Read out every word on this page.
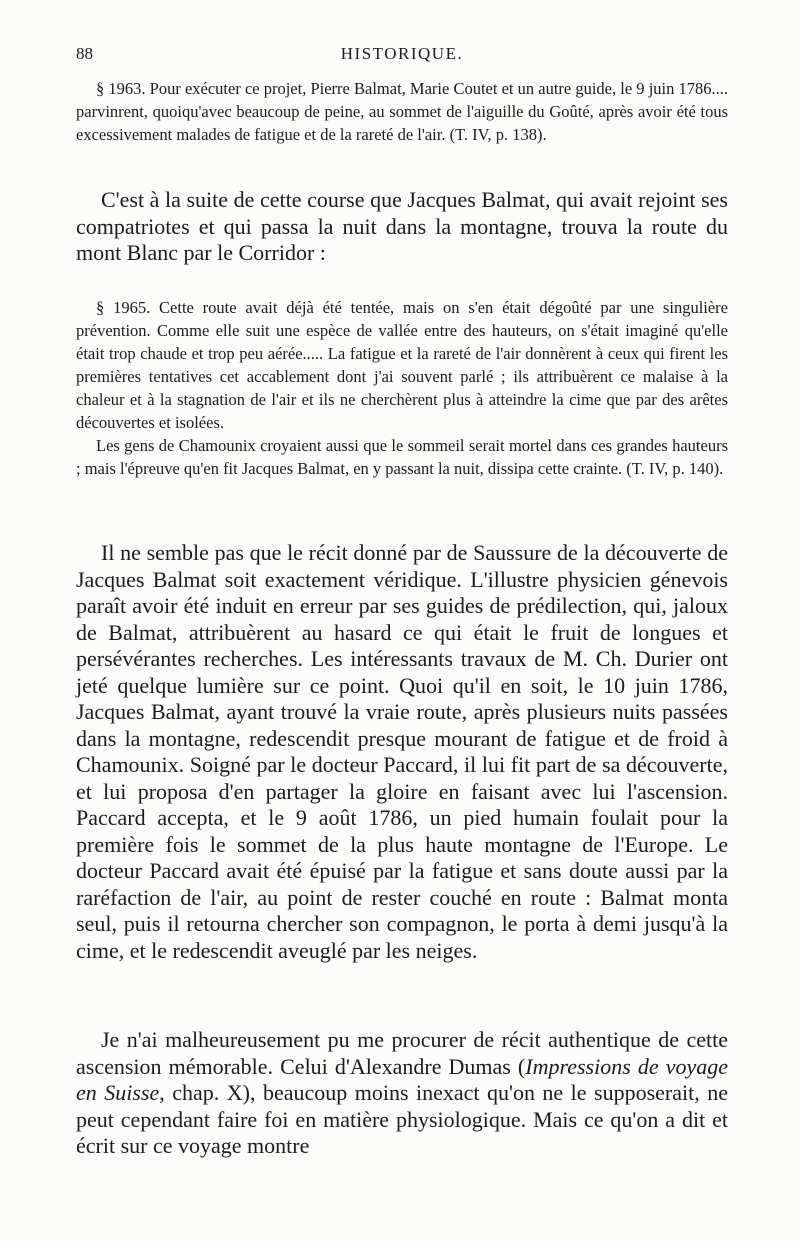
88	HISTORIQUE.

§ 1963. Pour exécuter ce projet, Pierre Balmat, Marie Coutet et un autre guide, le 9 juin 1786.... parvinrent, quoiqu'avec beaucoup de peine, au sommet de l'aiguille du Goûté, après avoir été tous excessivement malades de fatigue et de la rareté de l'air. (T. IV, p. 138).

C'est à la suite de cette course que Jacques Balmat, qui avait rejoint ses compatriotes et qui passa la nuit dans la montagne, trouva la route du mont Blanc par le Corridor :

§ 1965. Cette route avait déjà été tentée, mais on s'en était dégoûté par une singulière prévention. Comme elle suit une espèce de vallée entre des hauteurs, on s'était imaginé qu'elle était trop chaude et trop peu aérée..... La fatigue et la rareté de l'air donnèrent à ceux qui firent les premières tentatives cet accablement dont j'ai souvent parlé ; ils attribuèrent ce malaise à la chaleur et à la stagnation de l'air et ils ne cherchèrent plus à atteindre la cime que par des arêtes découvertes et isolées.

Les gens de Chamounix croyaient aussi que le sommeil serait mortel dans ces grandes hauteurs ; mais l'épreuve qu'en fit Jacques Balmat, en y passant la nuit, dissipa cette crainte. (T. IV, p. 140).

Il ne semble pas que le récit donné par de Saussure de la découverte de Jacques Balmat soit exactement véridique. L'illustre physicien génevois paraît avoir été induit en erreur par ses guides de prédilection, qui, jaloux de Balmat, attribuèrent au hasard ce qui était le fruit de longues et persévérantes recherches. Les intéressants travaux de M. Ch. Durier ont jeté quelque lumière sur ce point. Quoi qu'il en soit, le 10 juin 1786, Jacques Balmat, ayant trouvé la vraie route, après plusieurs nuits passées dans la montagne, redescendit presque mourant de fatigue et de froid à Chamounix. Soigné par le docteur Paccard, il lui fit part de sa découverte, et lui proposa d'en partager la gloire en faisant avec lui l'ascension. Paccard accepta, et le 9 août 1786, un pied humain foulait pour la première fois le sommet de la plus haute montagne de l'Europe. Le docteur Paccard avait été épuisé par la fatigue et sans doute aussi par la raréfaction de l'air, au point de rester couché en route : Balmat monta seul, puis il retourna chercher son compagnon, le porta à demi jusqu'à la cime, et le redescendit aveuglé par les neiges.

Je n'ai malheureusement pu me procurer de récit authentique de cette ascension mémorable. Celui d'Alexandre Dumas (Impressions de voyage en Suisse, chap. X), beaucoup moins inexact qu'on ne le supposerait, ne peut cependant faire foi en matière physiologique. Mais ce qu'on a dit et écrit sur ce voyage montre
